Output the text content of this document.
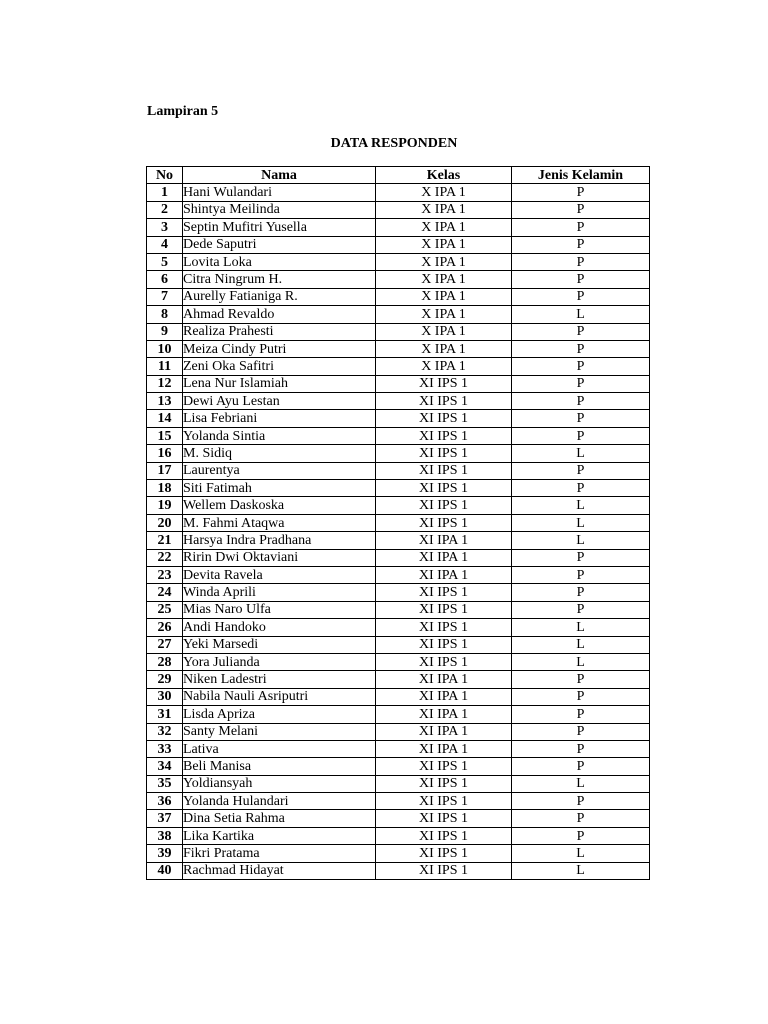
Lampiran 5
DATA RESPONDEN
No	Nama	Kelas	Jenis Kelamin
1	Hani Wulandari	X IPA 1	P
2	Shintya Meilinda	X IPA 1	P
3	Septin Mufitri Yusella	X IPA 1	P
4	Dede Saputri	X IPA 1	P
5	Lovita Loka	X IPA 1	P
6	Citra Ningrum H.	X IPA 1	P
7	Aurelly Fatianiga R.	X IPA 1	P
8	Ahmad Revaldo	X IPA 1	L
9	Realiza Prahesti	X IPA 1	P
10	Meiza Cindy Putri	X IPA 1	P
11	Zeni Oka Safitri	X IPA 1	P
12	Lena Nur Islamiah	XI IPS 1	P
13	Dewi Ayu Lestan	XI IPS 1	P
14	Lisa Febriani	XI IPS 1	P
15	Yolanda Sintia	XI IPS 1	P
16	M. Sidiq	XI IPS 1	L
17	Laurentya	XI IPS 1	P
18	Siti Fatimah	XI IPS 1	P
19	Wellem Daskoska	XI IPS 1	L
20	M. Fahmi Ataqwa	XI IPS 1	L
21	Harsya Indra Pradhana	XI IPA 1	L
22	Ririn Dwi Oktaviani	XI IPA 1	P
23	Devita Ravela	XI IPA 1	P
24	Winda Aprili	XI IPS 1	P
25	Mias Naro Ulfa	XI IPS 1	P
26	Andi Handoko	XI IPS 1	L
27	Yeki Marsedi	XI IPS 1	L
28	Yora Julianda	XI IPS 1	L
29	Niken Ladestri	XI IPA 1	P
30	Nabila Nauli Asriputri	XI IPA 1	P
31	Lisda Apriza	XI IPA 1	P
32	Santy Melani	XI IPA 1	P
33	Lativa	XI IPA 1	P
34	Beli Manisa	XI IPS 1	P
35	Yoldiansyah	XI IPS 1	L
36	Yolanda Hulandari	XI IPS 1	P
37	Dina Setia Rahma	XI IPS 1	P
38	Lika Kartika	XI IPS 1	P
39	Fikri Pratama	XI IPS 1	L
40	Rachmad Hidayat	XI IPS 1	L
